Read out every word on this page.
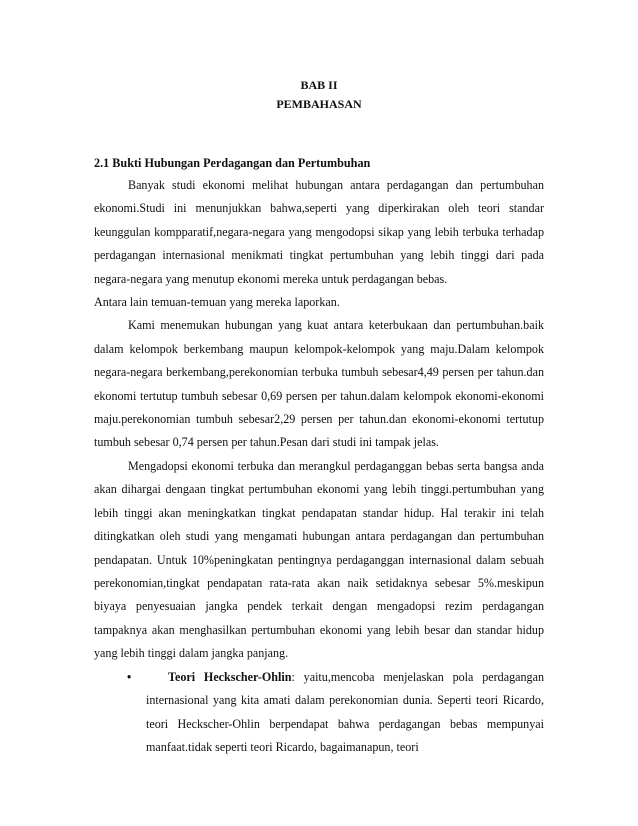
BAB II
PEMBAHASAN
2.1 Bukti Hubungan Perdagangan dan Pertumbuhan

Banyak studi ekonomi melihat hubungan antara perdagangan dan pertumbuhan ekonomi.Studi ini menunjukkan bahwa,seperti yang diperkirakan oleh teori standar keunggulan kompparatif,negara-negara yang mengodopsi sikap yang lebih terbuka terhadap perdagangan internasional menikmati tingkat pertumbuhan yang lebih tinggi dari pada negara-negara yang menutup ekonomi mereka untuk perdagangan bebas.

Antara lain temuan-temuan yang mereka laporkan.

Kami menemukan hubungan yang kuat antara keterbukaan dan pertumbuhan.baik dalam kelompok berkembang maupun kelompok-kelompok yang maju.Dalam kelompok negara-negara berkembang,perekonomian terbuka tumbuh sebesar4,49 persen per tahun.dan ekonomi tertutup tumbuh sebesar 0,69 persen per tahun.dalam kelompok ekonomi-ekonomi maju.perekonomian tumbuh sebesar2,29 persen per tahun.dan ekonomi-ekonomi tertutup tumbuh sebesar 0,74 persen per tahun.Pesan dari studi ini tampak jelas.

Mengadopsi ekonomi terbuka dan merangkul perdaganggan bebas serta bangsa anda akan dihargai dengaan tingkat pertumbuhan ekonomi yang lebih tinggi.pertumbuhan yang lebih tinggi akan meningkatkan tingkat pendapatan standar hidup. Hal terakir ini telah ditingkatkan oleh studi yang mengamati hubungan antara perdagangan dan pertumbuhan pendapatan. Untuk 10%peningkatan pentingnya perdaganggan internasional dalam sebuah perekonomian,tingkat pendapatan rata-rata akan naik setidaknya sebesar 5%.meskipun biyaya penyesuaian jangka pendek terkait dengan mengadopsi rezim perdagangan tampaknya akan menghasilkan pertumbuhan ekonomi yang lebih besar dan standar hidup yang lebih tinggi dalam jangka panjang.

•	Teori Heckscher-Ohlin: yaitu,mencoba menjelaskan pola perdagangan internasional yang kita amati dalam perekonomian dunia. Seperti teori Ricardo, teori Heckscher-Ohlin berpendapat bahwa perdagangan bebas mempunyai manfaat.tidak seperti teori Ricardo, bagaimanapun, teori
